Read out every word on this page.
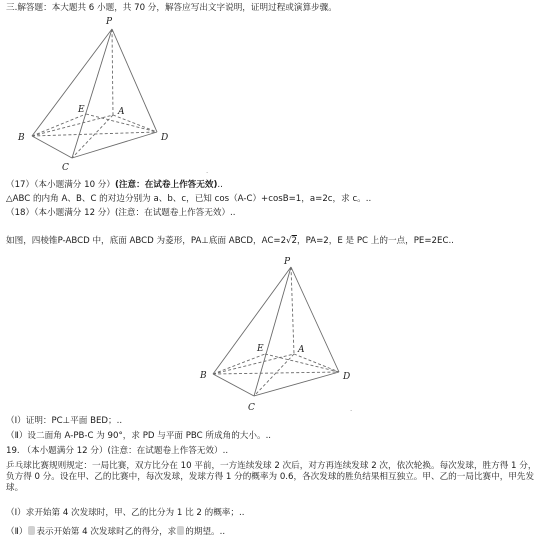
三.解答题：本大题共 6 小题，共 70 分，解答应写出文字说明，证明过程或演算步骤。
P
E	A
B	D
C	.
（17）（本小题满分 10 分）(注意：在试卷上作答无效)..
△ABC 的内角 A、B、C 的对边分别为 a、b、c，已知 cos（A-C）+cosB=1，a=2c，求 c。..
（18）（本小题满分 12 分）(注意：在试题卷上作答无效）..
如图，四棱锥P-ABCD 中，底面 ABCD 为菱形，PA⊥底面 ABCD，AC=2√2，PA=2，E 是 PC 上的一点，PE=2EC..
P
E	A
B	D
C	.
（Ⅰ）证明：PC⊥平面 BED；..
（Ⅱ）设二面角 A-PB-C 为 90°，求 PD 与平面 PBC 所成角的大小。..
19. （本小题满分 12 分）(注意：在试题卷上作答无效）..
乒乓球比赛规则规定：一局比赛，双方比分在 10 平前，一方连续发球 2 次后，对方再连续发球 2 次，依次轮换。每次发球，胜方得 1 分，负方得 0 分。设在甲、乙的比赛中，每次发球，发球方得 1 分的概率为 0.6，各次发球的胜负结果相互独立。甲、乙的一局比赛中，甲先发球。
（Ⅰ）求开始第 4 次发球时，甲、乙的比分为 1 比 2 的概率；..
（Ⅱ） 表示开始第 4 次发球时乙的得分，求 的期望。..
